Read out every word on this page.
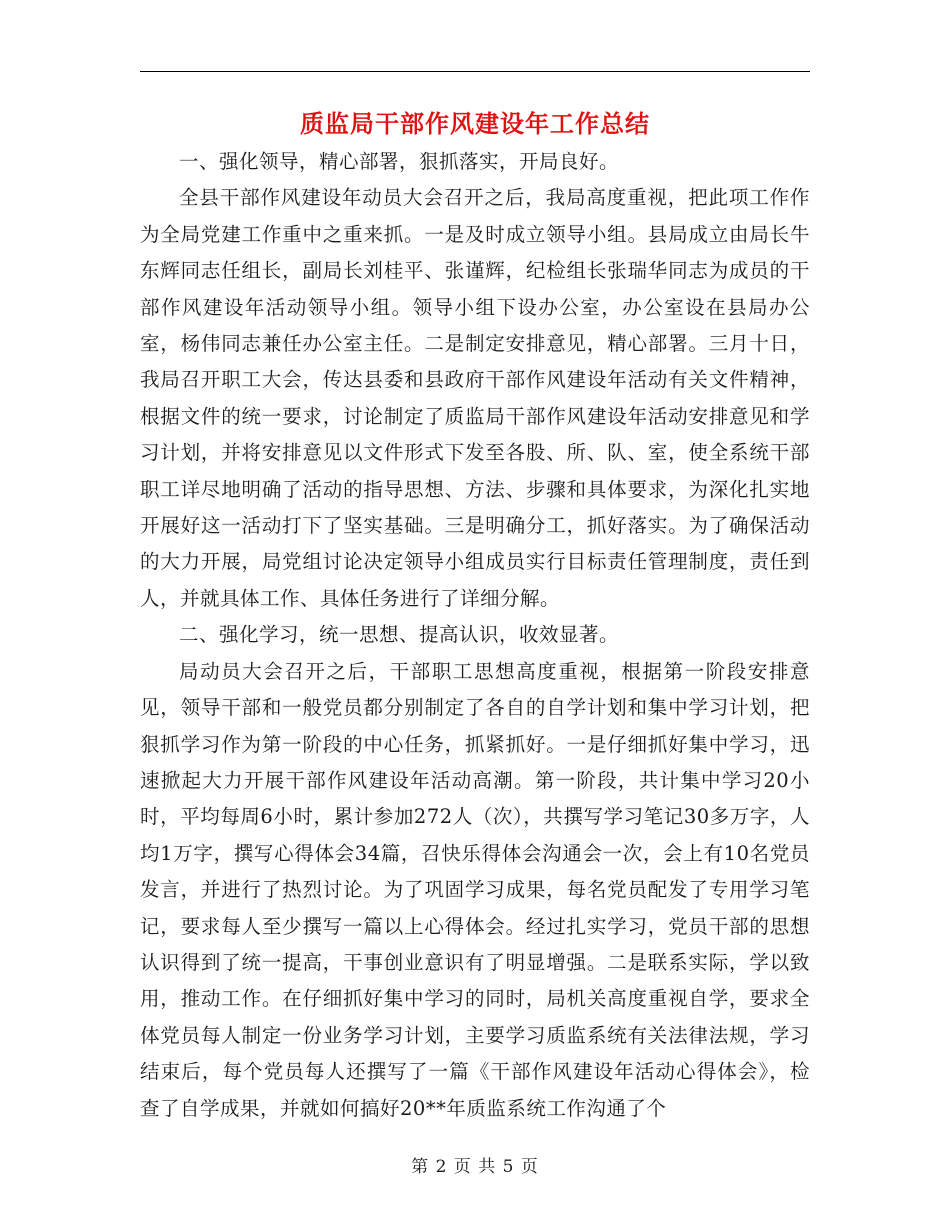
质监局干部作风建设年工作总结

一、强化领导，精心部署，狠抓落实，开局良好。

全县干部作风建设年动员大会召开之后，我局高度重视，把此项工作作为全局党建工作重中之重来抓。一是及时成立领导小组。县局成立由局长牛东辉同志任组长，副局长刘桂平、张谨辉，纪检组长张瑞华同志为成员的干部作风建设年活动领导小组。领导小组下设办公室，办公室设在县局办公室，杨伟同志兼任办公室主任。二是制定安排意见，精心部署。三月十日，我局召开职工大会，传达县委和县政府干部作风建设年活动有关文件精神，根据文件的统一要求，讨论制定了质监局干部作风建设年活动安排意见和学习计划，并将安排意见以文件形式下发至各股、所、队、室，使全系统干部职工详尽地明确了活动的指导思想、方法、步骤和具体要求，为深化扎实地开展好这一活动打下了坚实基础。三是明确分工，抓好落实。为了确保活动的大力开展，局党组讨论决定领导小组成员实行目标责任管理制度，责任到人，并就具体工作、具体任务进行了详细分解。

二、强化学习，统一思想、提高认识，收效显著。

局动员大会召开之后，干部职工思想高度重视，根据第一阶段安排意见，领导干部和一般党员都分别制定了各自的自学计划和集中学习计划，把狠抓学习作为第一阶段的中心任务，抓紧抓好。一是仔细抓好集中学习，迅速掀起大力开展干部作风建设年活动高潮。第一阶段，共计集中学习20小时，平均每周6小时，累计参加272人（次），共撰写学习笔记30多万字，人均1万字，撰写心得体会34篇，召快乐得体会沟通会一次，会上有10名党员发言，并进行了热烈讨论。为了巩固学习成果，每名党员配发了专用学习笔记，要求每人至少撰写一篇以上心得体会。经过扎实学习，党员干部的思想认识得到了统一提高，干事创业意识有了明显增强。二是联系实际，学以致用，推动工作。在仔细抓好集中学习的同时，局机关高度重视自学，要求全体党员每人制定一份业务学习计划，主要学习质监系统有关法律法规，学习结束后，每个党员每人还撰写了一篇《干部作风建设年活动心得体会》，检查了自学成果，并就如何搞好20**年质监系统工作沟通了个

第 2 页 共 5 页
